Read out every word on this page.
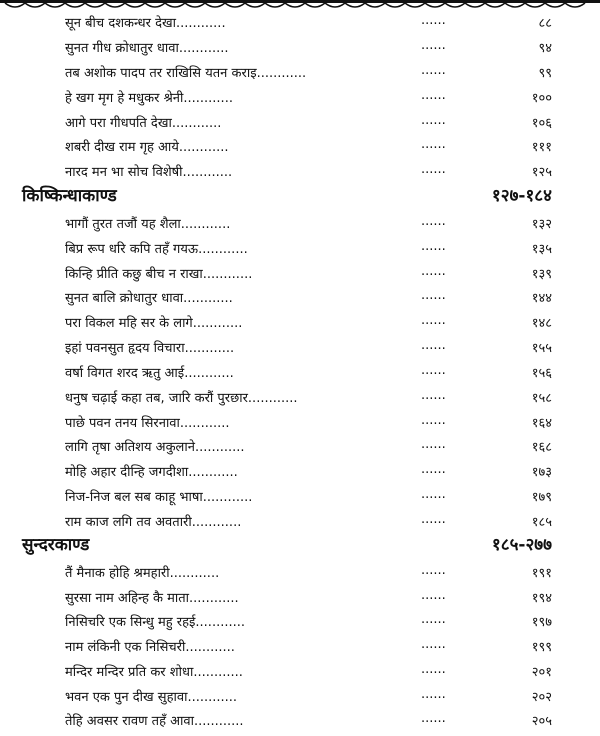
सून बीच दशकन्धर देखा............	......	८८
सुनत गीध क्रोधातुर धावा............	......	९४
तब अशोक पादप तर राखिसि यतन कराइ............	......	९९
हे खग मृग हे मधुकर श्रेनी............	......	१००
आगे परा गीधपति देखा............	......	१०६
शबरी दीख राम गृह आये............	......	१११
नारद मन भा सोच विशेषी............	......	१२५
किष्किन्धाकाण्ड	१२७-१८४
भागौं तुरत तजौं यह शैला............	......	१३२
बिप्र रूप धरि कपि तहँ गयऊ............	......	१३५
किन्हि प्रीति कछु बीच न राखा............	......	१३९
सुनत बालि क्रोधातुर धावा............	......	१४४
परा विकल महि सर के लागे............	......	१४८
इहां पवनसुत हृदय विचारा............	......	१५५
वर्षा विगत शरद ऋतु आई............	......	१५६
धनुष चढ़ाई कहा तब, जारि करौं पुरछार............	......	१५८
पाछे पवन तनय सिरनावा............	......	१६४
लागि तृषा अतिशय अकुलाने............	......	१६८
मोहि अहार दीन्हि जगदीशा............	......	१७३
निज-निज बल सब काहू भाषा............	......	१७९
राम काज लगि तव अवतारी............	......	१८५
सुन्दरकाण्ड	१८५-२७७
तैं मैनाक होहि श्रमहारी............	......	१९१
सुरसा नाम अहिन्ह कै माता............	......	१९४
निसिचरि एक सिन्धु महु रहई............	......	१९७
नाम लंकिनी एक निसिचरी............	......	१९९
मन्दिर मन्दिर प्रति कर शोधा............	......	२०१
भवन एक पुन दीख सुहावा............	......	२०२
तेहि अवसर रावण तहँ आवा............	......	२०५
